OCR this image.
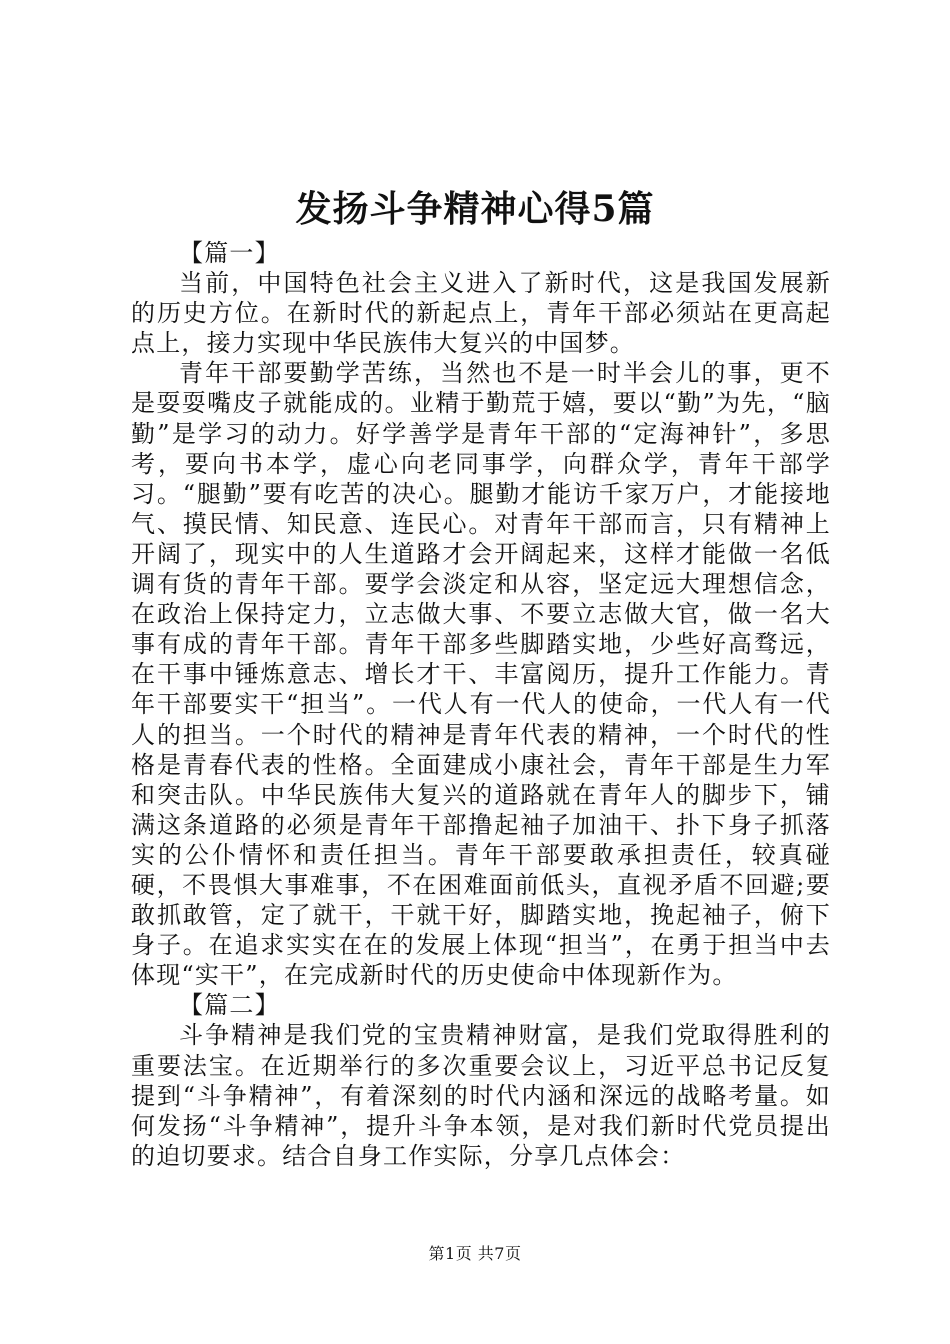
发扬斗争精神心得5篇

【篇一】

当前，中国特色社会主义进入了新时代，这是我国发展新的历史方位。在新时代的新起点上，青年干部必须站在更高起点上，接力实现中华民族伟大复兴的中国梦。

青年干部要勤学苦练，当然也不是一时半会儿的事，更不是耍耍嘴皮子就能成的。业精于勤荒于嬉，要以“勤”为先，“脑勤”是学习的动力。好学善学是青年干部的“定海神针”，多思考，要向书本学，虚心向老同事学，向群众学，青年干部学习。“腿勤”要有吃苦的决心。腿勤才能访千家万户，才能接地气、摸民情、知民意、连民心。对青年干部而言，只有精神上开阔了，现实中的人生道路才会开阔起来，这样才能做一名低调有货的青年干部。要学会淡定和从容，坚定远大理想信念，在政治上保持定力，立志做大事、不要立志做大官，做一名大事有成的青年干部。青年干部多些脚踏实地，少些好高骛远，在干事中锤炼意志、增长才干、丰富阅历，提升工作能力。青年干部要实干“担当”。一代人有一代人的使命，一代人有一代人的担当。一个时代的精神是青年代表的精神，一个时代的性格是青春代表的性格。全面建成小康社会，青年干部是生力军和突击队。中华民族伟大复兴的道路就在青年人的脚步下，铺满这条道路的必须是青年干部撸起袖子加油干、扑下身子抓落实的公仆情怀和责任担当。青年干部要敢承担责任，较真碰硬，不畏惧大事难事，不在困难面前低头，直视矛盾不回避;要敢抓敢管，定了就干，干就干好，脚踏实地，挽起袖子，俯下身子。在追求实实在在的发展上体现“担当”，在勇于担当中去体现“实干”，在完成新时代的历史使命中体现新作为。

【篇二】

斗争精神是我们党的宝贵精神财富，是我们党取得胜利的重要法宝。在近期举行的多次重要会议上，习近平总书记反复提到“斗争精神”，有着深刻的时代内涵和深远的战略考量。如何发扬“斗争精神”，提升斗争本领，是对我们新时代党员提出的迫切要求。结合自身工作实际，分享几点体会：

第1页 共7页
